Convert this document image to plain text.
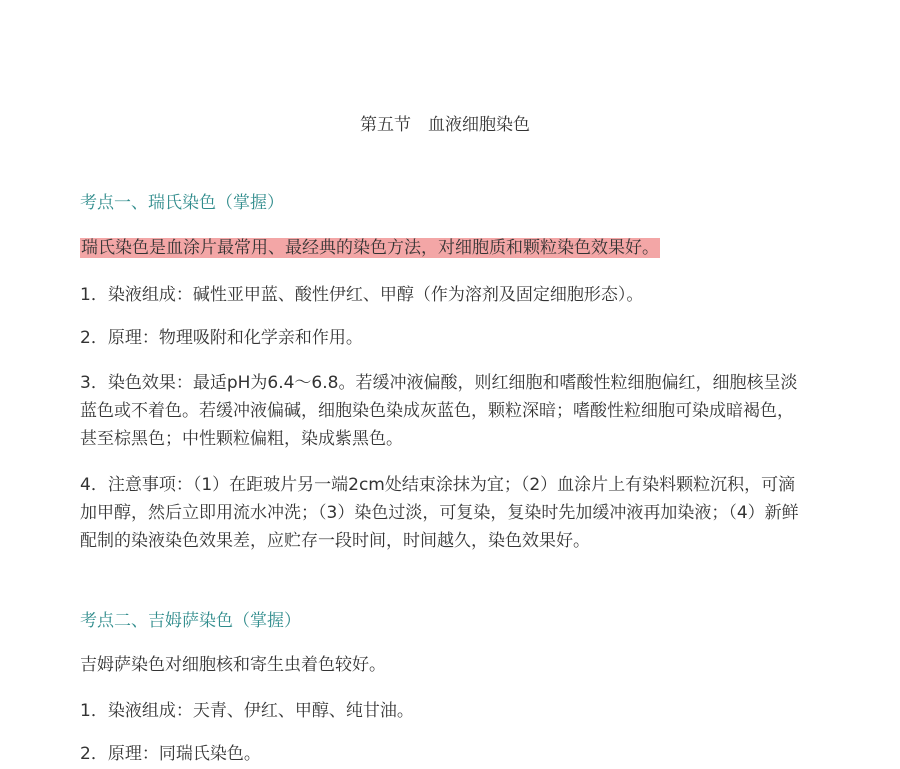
第五节　血液细胞染色
考点一、瑞氏染色（掌握）
瑞氏染色是血涂片最常用、最经典的染色方法，对细胞质和颗粒染色效果好。
1．染液组成：碱性亚甲蓝、酸性伊红、甲醇（作为溶剂及固定细胞形态）。
2．原理：物理吸附和化学亲和作用。
3．染色效果：最适pH为6.4～6.8。若缓冲液偏酸，则红细胞和嗜酸性粒细胞偏红，细胞核呈淡蓝色或不着色。若缓冲液偏碱，细胞染色染成灰蓝色，颗粒深暗；嗜酸性粒细胞可染成暗褐色，甚至棕黑色；中性颗粒偏粗，染成紫黑色。
4．注意事项：（1）在距玻片另一端2cm处结束涂抹为宜；（2）血涂片上有染料颗粒沉积，可滴加甲醇，然后立即用流水冲洗；（3）染色过淡，可复染，复染时先加缓冲液再加染液；（4）新鲜配制的染液染色效果差，应贮存一段时间，时间越久，染色效果好。
考点二、吉姆萨染色（掌握）
吉姆萨染色对细胞核和寄生虫着色较好。
1．染液组成：天青、伊红、甲醇、纯甘油。
2．原理：同瑞氏染色。
